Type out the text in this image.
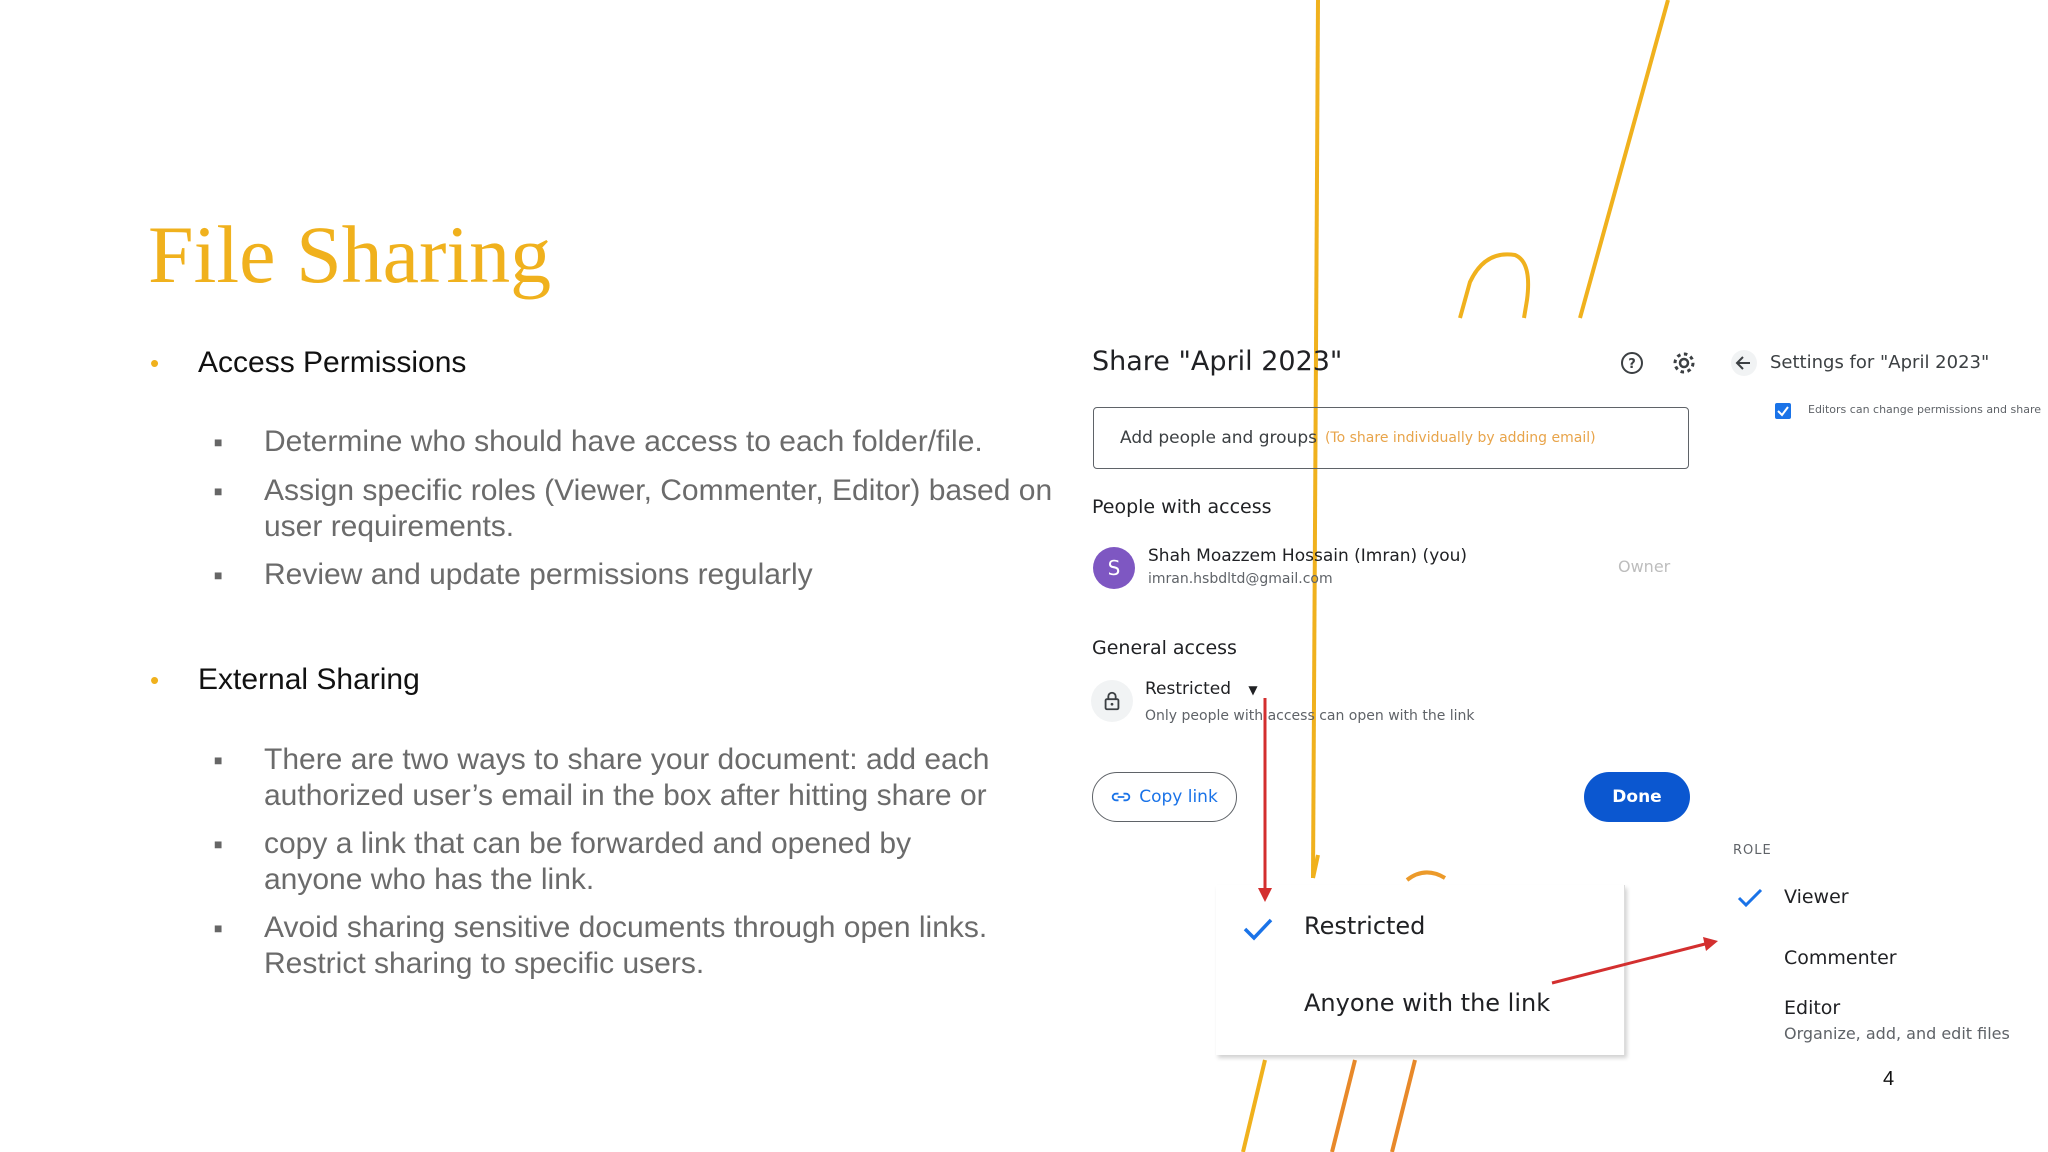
File Sharing
•	Access Permissions
■	Determine who should have access to each folder/file.
■	Assign specific roles (Viewer, Commenter, Editor) based on user requirements.
■	Review and update permissions regularly
•	External Sharing
■	There are two ways to share your document: add each authorized user’s email in the box after hitting share or
■	copy a link that can be forwarded and opened by anyone who has the link.
■	Avoid sharing sensitive documents through open links. Restrict sharing to specific users.
Share "April 2023"	?
Add people and groups (To share individually by adding email)
People with access
S	Shah Moazzem Hossain (Imran) (you)
imran.hsbdltd@gmail.com
Owner
General access
Restricted ▼
Only people with access can open with the link
Copy link	Done
Restricted
Anyone with the link
Settings for "April 2023"
Editors can change permissions and share
ROLE
Viewer
Commenter
Editor
Organize, add, and edit files
4
